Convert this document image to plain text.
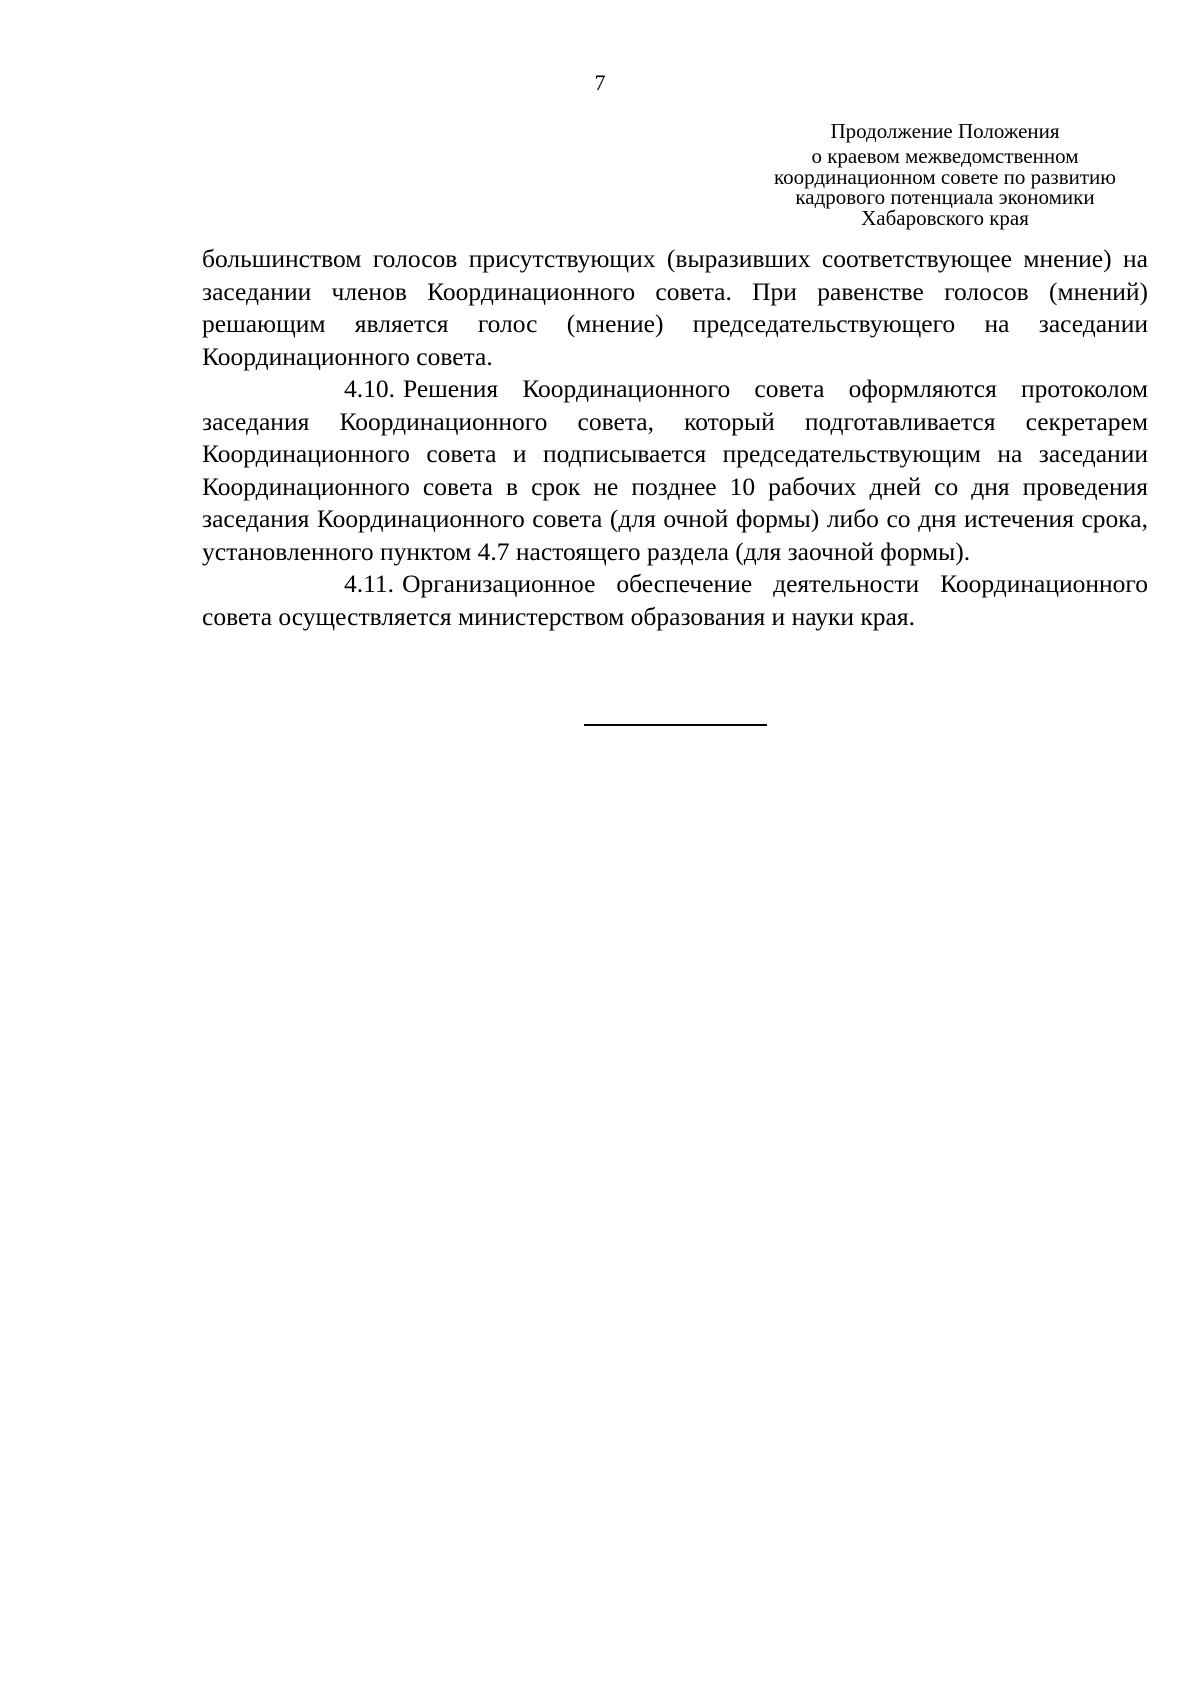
7
Продолжение Положения
о краевом межведомственном
координационном совете по развитию
кадрового потенциала экономики
Хабаровского края

большинством голосов присутствующих (выразивших соответствующее мнение) на заседании членов Координационного совета. При равенстве голосов (мнений) решающим является голос (мнение) председательствующего на заседании Координационного совета.

4.10. Решения Координационного совета оформляются протоколом заседания Координационного совета, который подготавливается секретарем Координационного совета и подписывается председательствующим на заседании Координационного совета в срок не позднее 10 рабочих дней со дня проведения заседания Координационного совета (для очной формы) либо со дня истечения срока, установленного пунктом 4.7 настоящего раздела (для заочной формы).

4.11. Организационное обеспечение деятельности Координационного совета осуществляется министерством образования и науки края.
